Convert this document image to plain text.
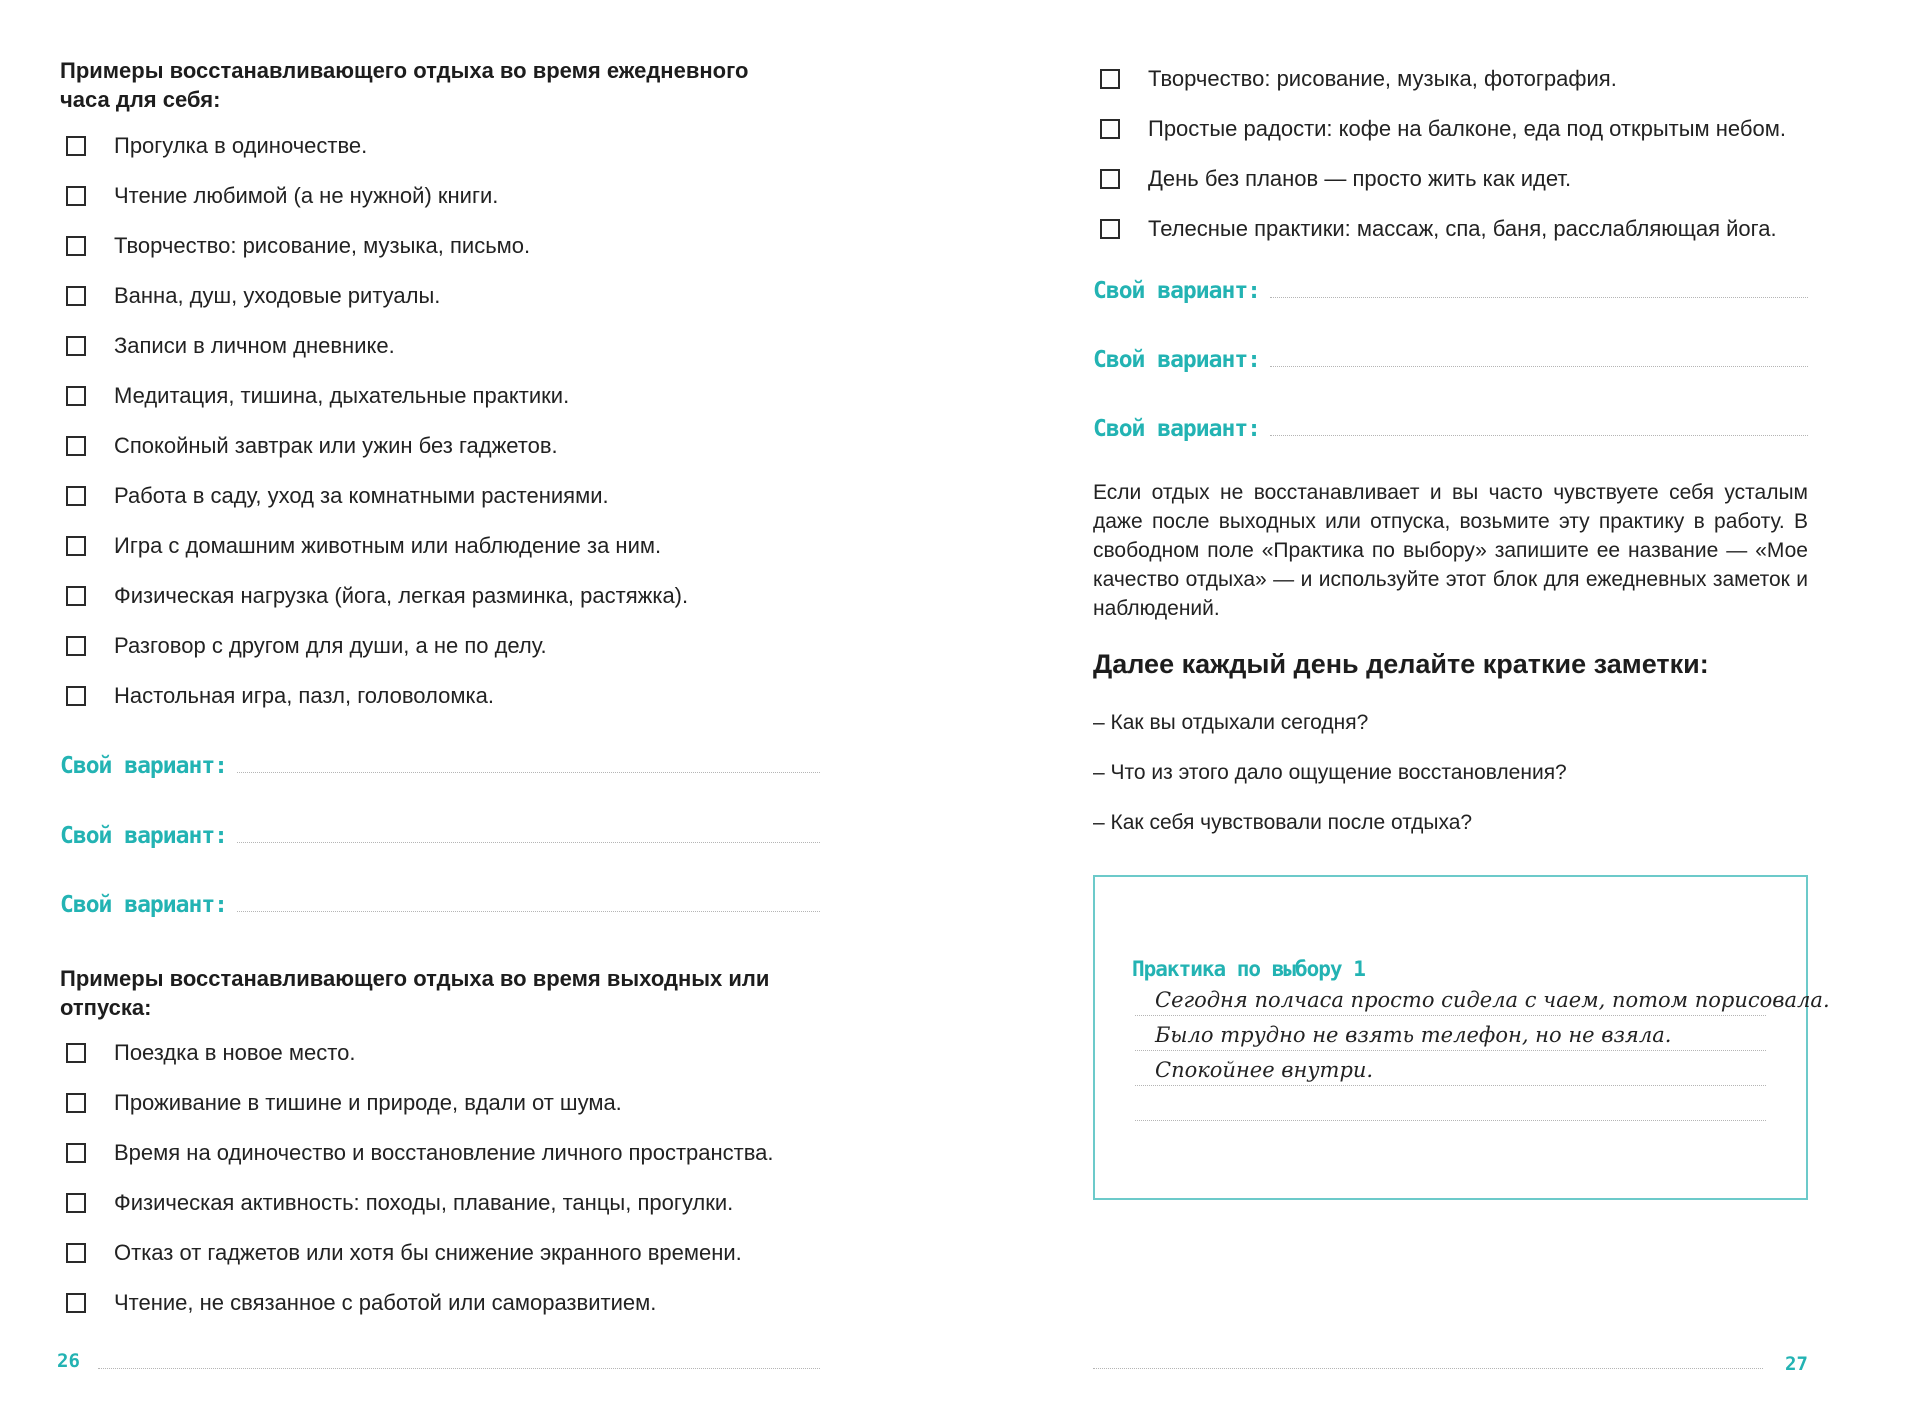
Примеры восстанавливающего отдыха во время ежедневного часа для себя:

Прогулка в одиночестве.
Чтение любимой (а не нужной) книги.
Творчество: рисование, музыка, письмо.
Ванна, душ, уходовые ритуалы.
Записи в личном дневнике.
Медитация, тишина, дыхательные практики.
Спокойный завтрак или ужин без гаджетов.
Работа в саду, уход за комнатными растениями.
Игра с домашним животным или наблюдение за ним.
Физическая нагрузка (йога, легкая разминка, растяжка).
Разговор с другом для души, а не по делу.
Настольная игра, пазл, головоломка.
Свой вариант:
Свой вариант:
Свой вариант:

Примеры восстанавливающего отдыха во время выходных или отпуска:

Поездка в новое место.
Проживание в тишине и природе, вдали от шума.
Время на одиночество и восстановление личного пространства.
Физическая активность: походы, плавание, танцы, прогулки.
Отказ от гаджетов или хотя бы снижение экранного времени.
Чтение, не связанное с работой или саморазвитием.
26
Творчество: рисование, музыка, фотография.
Простые радости: кофе на балконе, еда под открытым небом.
День без планов — просто жить как идет.
Телесные практики: массаж, спа, баня, расслабляющая йога.
Свой вариант:
Свой вариант:
Свой вариант:

Если отдых не восстанавливает и вы часто чувствуете себя усталым даже после выходных или отпуска, возьмите эту практику в работу. В свободном поле «Практика по выбору» запишите ее название — «Мое качество отдыха» — и используйте этот блок для ежедневных заметок и наблюдений.

Далее каждый день делайте краткие заметки:

– Как вы отдыхали сегодня?
– Что из этого дало ощущение восстановления?
– Как себя чувствовали после отдыха?
Практика по выбору 1
Сегодня полчаса просто сидела с чаем, потом порисовала.
Было трудно не взять телефон, но не взяла.
Спокойнее внутри.
27
